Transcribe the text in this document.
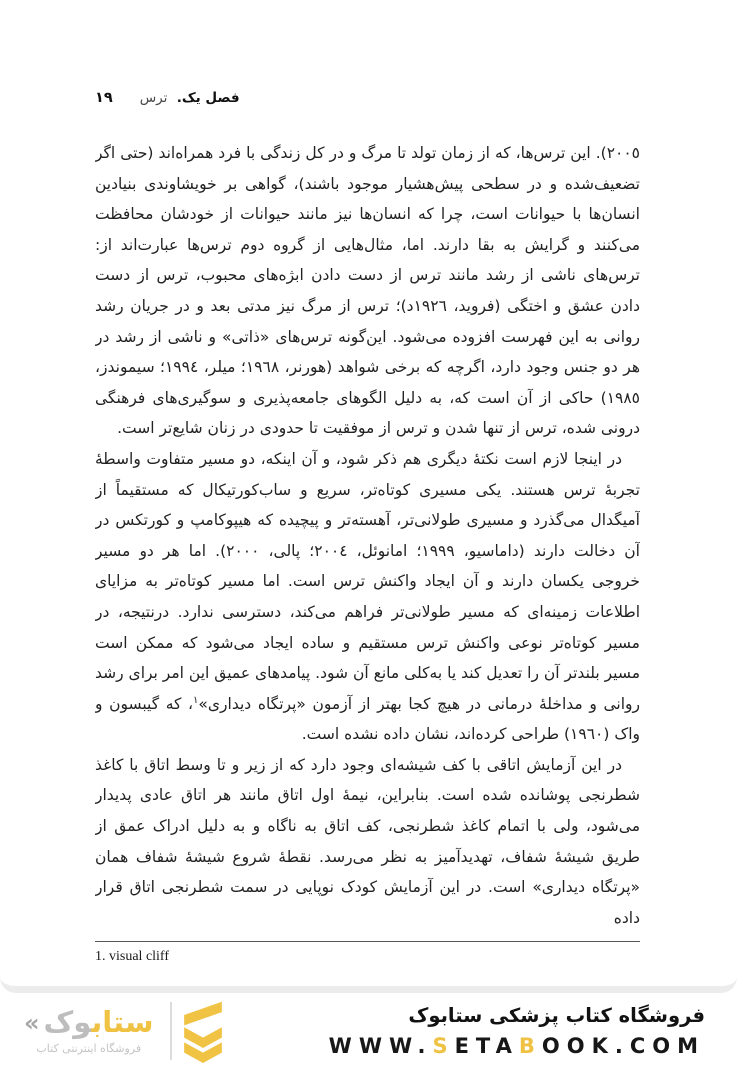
١٩	فصل یک. ترس

٢٠٠٥). این ترس‌ها، که از زمان تولد تا مرگ و در کل زندگی با فرد همراه‌اند (حتی اگر تضعیف‌شده و در سطحی پیش‌هشیار موجود باشند)، گواهی بر خویشاوندی بنیادین انسان‌ها با حیوانات است، چرا که انسان‌ها نیز مانند حیوانات از خودشان محافظت می‌کنند و گرایش به بقا دارند. اما، مثال‌هایی از گروه دوم ترس‌ها عبارت‌اند از: ترس‌های ناشی از رشد مانند ترس از دست دادن ابژه‌های محبوب، ترس از دست دادن عشق و اختگی (فروید، ١٩٢٦د)؛ ترس از مرگ نیز مدتی بعد و در جریان رشد روانی به این فهرست افزوده می‌شود. این‌گونه ترس‌های «ذاتی» و ناشی از رشد در هر دو جنس وجود دارد، اگرچه که برخی شواهد (هورنر، ١٩٦٨؛ میلر، ١٩٩٤؛ سیموندز، ١٩٨٥) حاکی از آن است که، به دلیل الگوهای جامعه‌پذیری و سوگیری‌های فرهنگی درونی شده، ترس از تنها شدن و ترس از موفقیت تا حدودی در زنان شایع‌تر است.

در اینجا لازم است نکتهٔ دیگری هم ذکر شود، و آن اینکه، دو مسیر متفاوت واسطهٔ تجربهٔ ترس هستند. یکی مسیری کوتاه‌تر، سریع و ساب‌کورتیکال که مستقیماً از آمیگدال می‌گذرد و مسیری طولانی‌تر، آهسته‌تر و پیچیده که هیپوکامپ و کورتکس در آن دخالت دارند (داماسیو، ١٩٩٩؛ امانوئل، ٢٠٠٤؛ پالی، ٢٠٠٠). اما هر دو مسیر خروجی یکسان دارند و آن ایجاد واکنش ترس است. اما مسیر کوتاه‌تر به مزایای اطلاعات زمینه‌ای که مسیر طولانی‌تر فراهم می‌کند، دسترسی ندارد. درنتیجه، در مسیر کوتاه‌تر نوعی واکنش ترس مستقیم و ساده ایجاد می‌شود که ممکن است مسیر بلندتر آن را تعدیل کند یا به‌کلی مانع آن شود. پیامدهای عمیق این امر برای رشد روانی و مداخلهٔ درمانی در هیچ کجا بهتر از آزمون «پرتگاه دیداری»$^١$، که گیبسون و واک (١٩٦٠) طراحی کرده‌اند، نشان داده نشده است.

در این آزمایش اتاقی با کف شیشه‌ای وجود دارد که از زیر و تا وسط اتاق با کاغذ شطرنجی پوشانده شده است. بنابراین، نیمهٔ اول اتاق مانند هر اتاق عادی پدیدار می‌شود، ولی با اتمام کاغذ شطرنجی، کف اتاق به ناگاه و به دلیل ادراک عمق از طریق شیشهٔ شفاف، تهدیدآمیز به نظر می‌رسد. نقطهٔ شروع شیشهٔ شفاف همان «پرتگاه دیداری» است. در این آزمایش کودک نوپایی در سمت شطرنجی اتاق قرار داده

1. visual cliff
«	ستابوک
فروشگاه اینترنتی کتاب
فروشگاه کتاب پزشکی ستابوک
WWW.SETABOOK.COM
